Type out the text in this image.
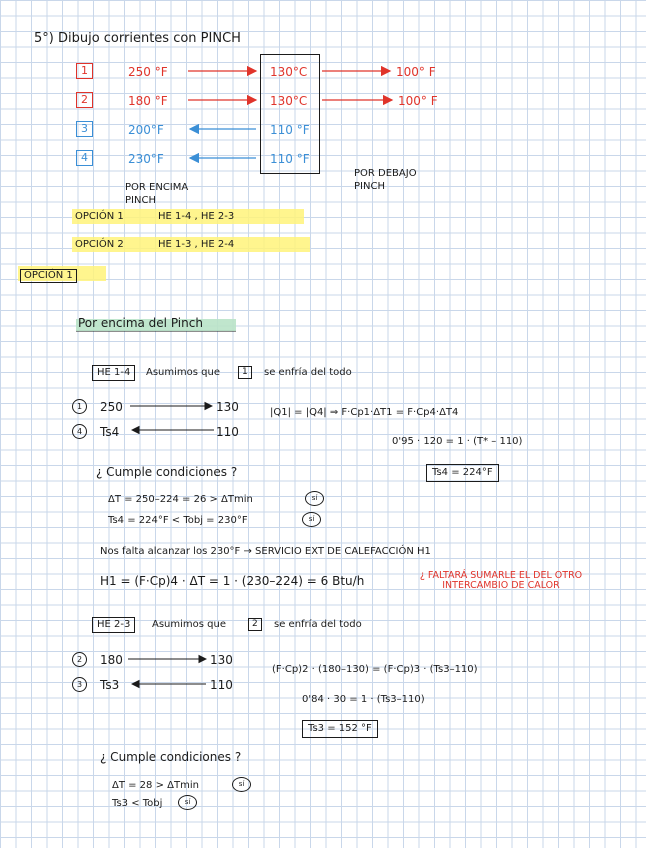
5°) Dibujo corrientes con PINCH
1	250 °F	130°C	100° F
2	180 °F	130°C	100° F
3	200°F	110 °F
4	230°F	110 °F
POR ENCIMA PINCH
POR DEBAJO PINCH
OPCIÓN 1	HE 1-4 , HE 2-3
OPCIÓN 2	HE 1-3 , HE 2-4
OPCIÓN 1
Por encima del Pinch
HE 1-4	Asumimos que	1	se enfría del todo
1	250	130
4	Ts4	110
|Q1| = |Q4| ⇒ F·Cp1·ΔT1 = F·Cp4·ΔT4
0'95 · 120 = 1 · (T* – 110)
Ts4 = 224°F
¿ Cumple condiciones ?
ΔT = 250–224 = 26 > ΔTmin	sí
Ts4 = 224°F < Tobj = 230°F	sí
Nos falta alcanzar los 230°F → SERVICIO EXT DE CALEFACCIÓN H1
H1 = (F·Cp)4 · ΔT = 1 · (230–224) = 6 Btu/h	¿ FALTARÁ SUMARLE EL DEL OTRO INTERCAMBIO DE CALOR
HE 2-3	Asumimos que	2	se enfría del todo
2	180	130
3	Ts3	110
(F·Cp)2 · (180–130) = (F·Cp)3 · (Ts3–110)
0'84 · 30 = 1 · (Ts3–110)
Ts3 = 152 °F
¿ Cumple condiciones ?
ΔT = 28 > ΔTmin	sí
Ts3 < Tobj	sí
